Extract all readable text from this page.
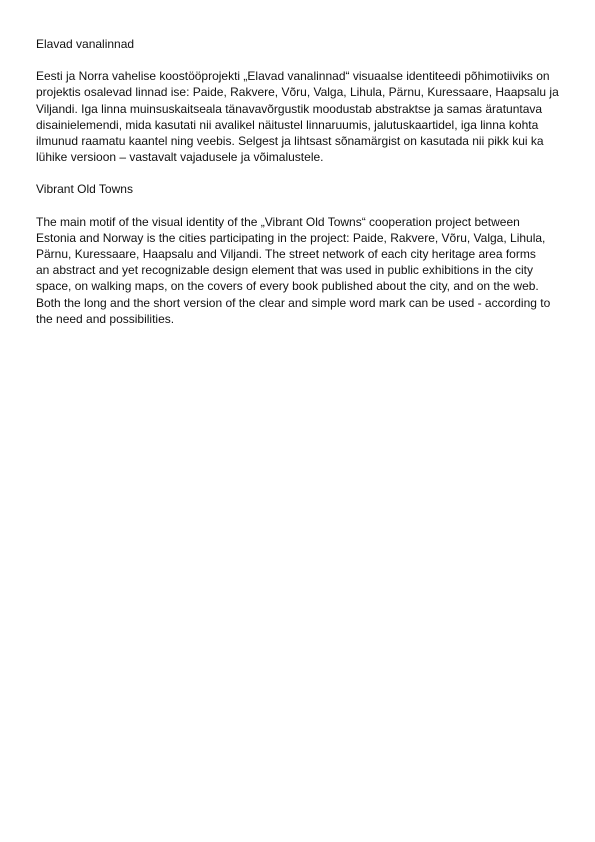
Elavad vanalinnad
Eesti ja Norra vahelise koostööprojekti „Elavad vanalinnad“ visuaalse identiteedi põhimotiiviks on
projektis osalevad linnad ise: Paide, Rakvere, Võru, Valga, Lihula, Pärnu, Kuressaare, Haapsalu ja
Viljandi. Iga linna muinsuskaitseala tänavavõrgustik moodustab abstraktse ja samas äratuntava
disainielemendi, mida kasutati nii avalikel näitustel linnaruumis, jalutuskaartidel, iga linna kohta
ilmunud raamatu kaantel ning veebis. Selgest ja lihtsast sõnamärgist on kasutada nii pikk kui ka
lühike versioon – vastavalt vajadusele ja võimalustele.
Vibrant Old Towns
The main motif of the visual identity of the „Vibrant Old Towns“ cooperation project between
Estonia and Norway is the cities participating in the project: Paide, Rakvere, Võru, Valga, Lihula,
Pärnu, Kuressaare, Haapsalu and Viljandi. The street network of each city heritage area forms
an abstract and yet recognizable design element that was used in public exhibitions in the city
space, on walking maps, on the covers of every book published about the city, and on the web.
Both the long and the short version of the clear and simple word mark can be used - according to
the need and possibilities.
